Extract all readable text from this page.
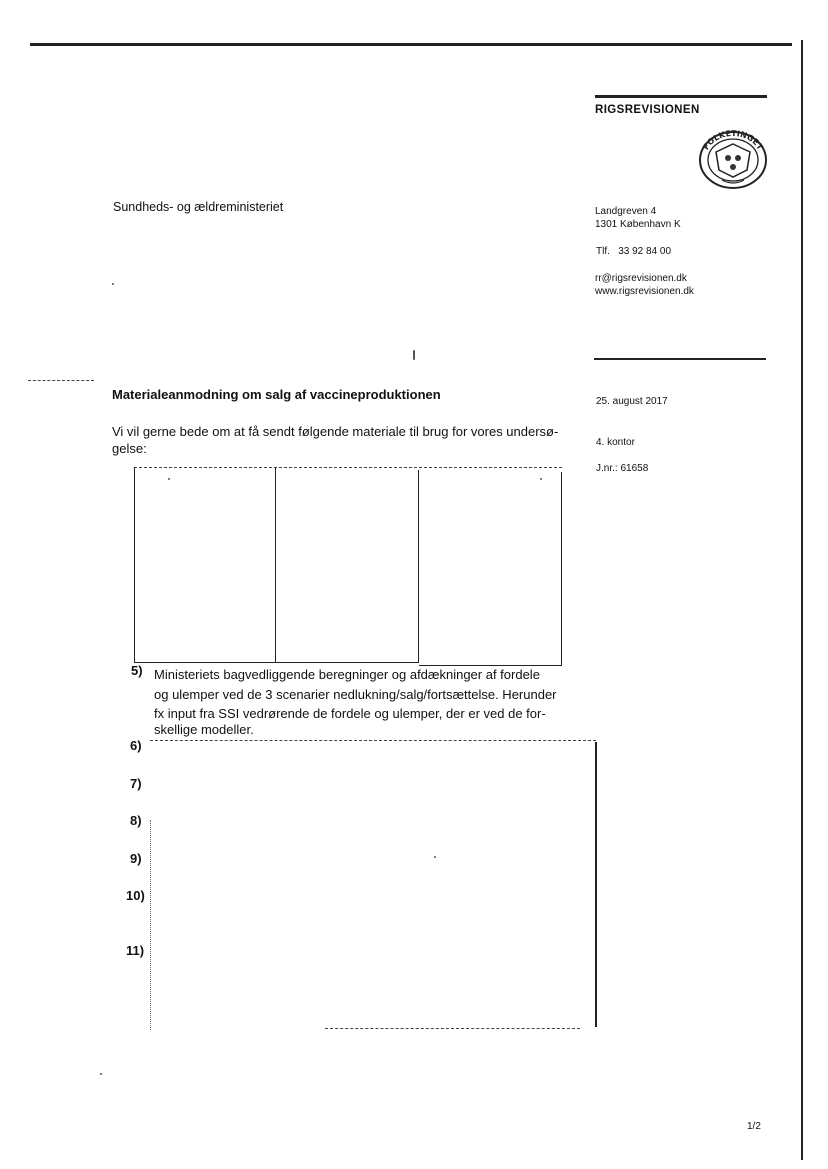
RIGSREVISIONEN
FOLKETINGET
Landgreven 4
1301 København K
Tlf.   33 92 84 00
rr@rigsrevisionen.dk
www.rigsrevisionen.dk
25. august 2017
4. kontor
J.nr.: 61658
Sundheds- og ældreministeriet
Materialeanmodning om salg af vaccineproduktionen
Vi vil gerne bede om at få sendt følgende materiale til brug for vores undersø-
gelse:
5) Ministeriets bagvedliggende beregninger og afdækninger af fordele
og ulemper ved de 3 scenarier nedlukning/salg/fortsættelse. Herunder
fx input fra SSI vedrørende de fordele og ulemper, der er ved de for-
skellige modeller.
6)
7)
8)
9)
10)
11)
1/2
